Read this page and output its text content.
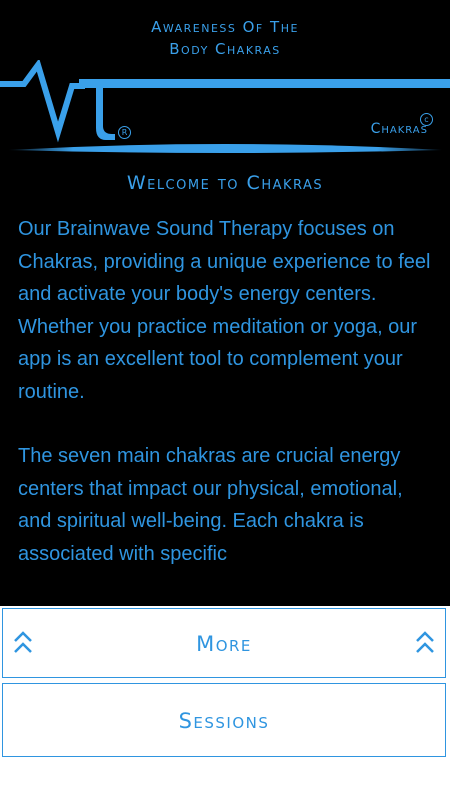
Awareness Of The
Body Chakras
R
c
Chakras
Welcome to Chakras

Our Brainwave Sound Therapy focuses on Chakras, providing a unique experience to feel and activate your body's energy centers. Whether you practice meditation or yoga, our app is an excellent tool to complement your routine.

The seven main chakras are crucial energy centers that impact our physical, emotional, and spiritual well-being. Each chakra is associated with specific

More
Sessions
